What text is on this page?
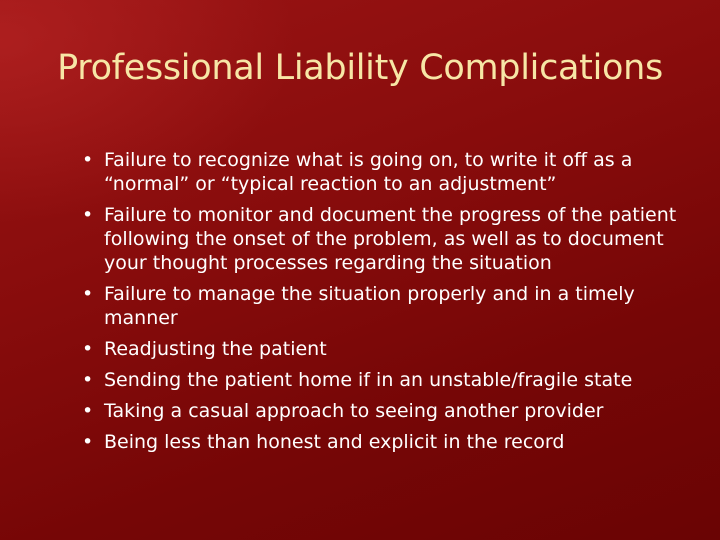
Professional Liability Complications
• Failure to recognize what is going on, to write it off as a “normal” or “typical reaction to an adjustment”
• Failure to monitor and document the progress of the patient following the onset of the problem, as well as to document your thought processes regarding the situation
• Failure to manage the situation properly and in a timely manner
• Readjusting the patient
• Sending the patient home if in an unstable/fragile state
• Taking a casual approach to seeing another provider
• Being less than honest and explicit in the record
